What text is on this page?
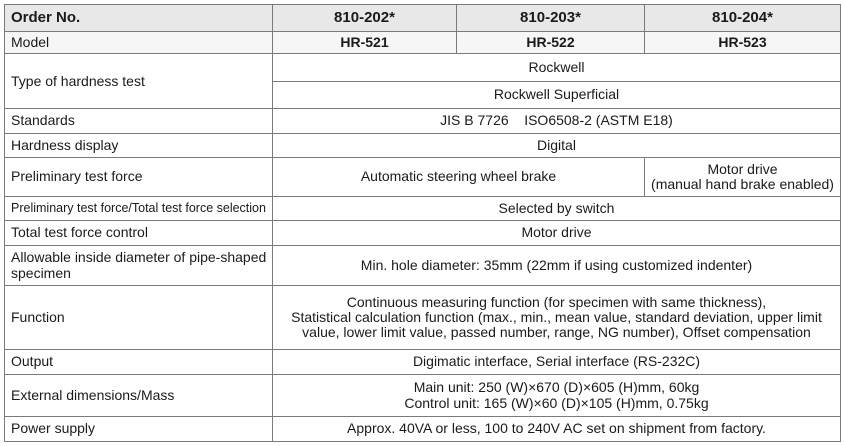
Order No.	810-202*	810-203*	810-204*
Model	HR-521	HR-522	HR-523
Type of hardness test	Rockwell		
	Rockwell Superficial		
Standards	JIS B 7726    ISO6508-2 (ASTM E18)		
Hardness display	Digital		
Preliminary test force	Automatic steering wheel brake		Motor drive
(manual hand brake enabled)

Preliminary test force/Total test force selection	Selected by switch		
Total test force control	Motor drive		

Allowable inside diameter of pipe-shaped
specimen	Min. hole diameter: 35mm (22mm if using customized indenter)		
Function	Continuous measuring function (for specimen with same thickness),
Statistical calculation function (max., min., mean value, standard deviation, upper limit
value, lower limit value, passed number, range, NG number), Offset compensation		

Output	Digimatic interface, Serial interface (RS-232C)		
External dimensions/Mass	Main unit: 250 (W)×670 (D)×605 (H)mm, 60kg
Control unit: 165 (W)×60 (D)×105 (H)mm, 0.75kg		

Power supply	Approx. 40VA or less, 100 to 240V AC set on shipment from factory.		
